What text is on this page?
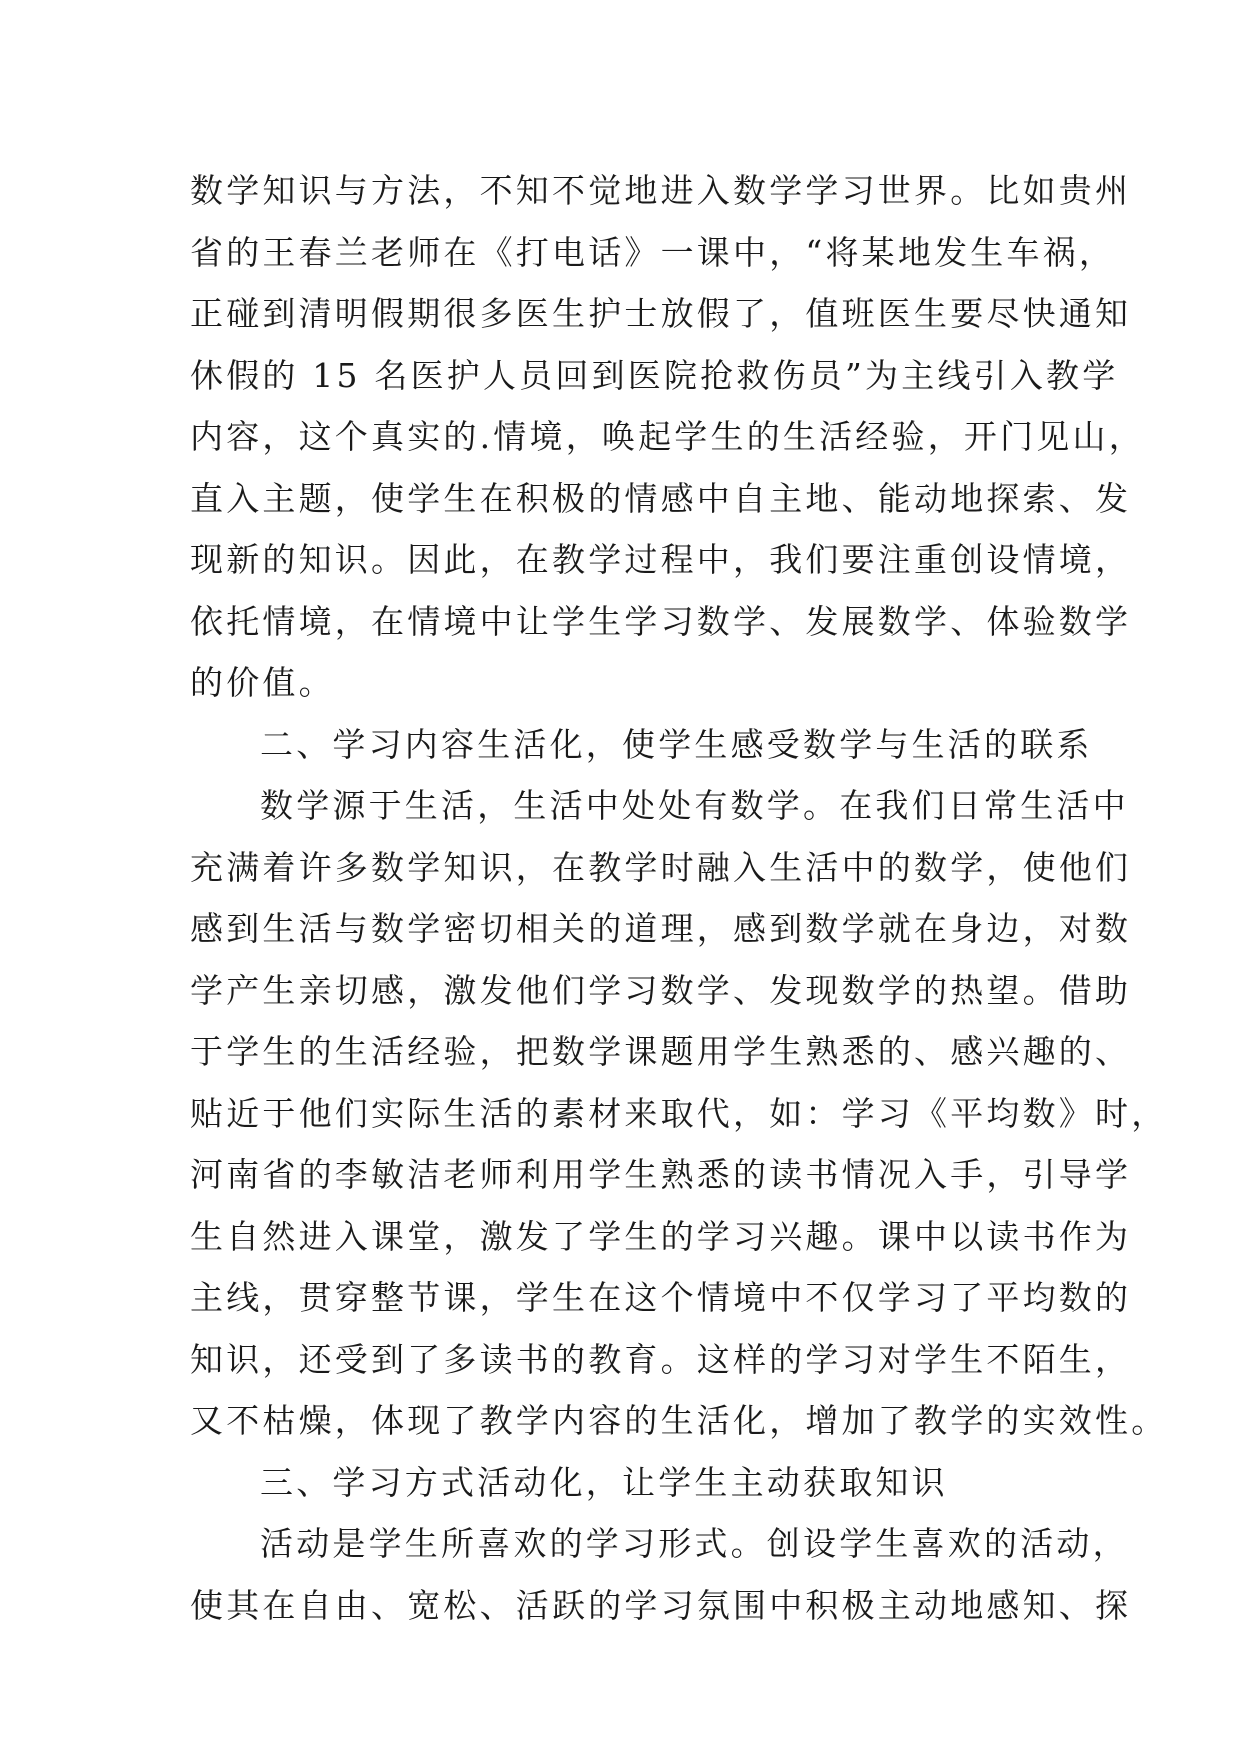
数学知识与方法，不知不觉地进入数学学习世界。比如贵州
省的王春兰老师在《打电话》一课中，“将某地发生车祸，
正碰到清明假期很多医生护士放假了，值班医生要尽快通知
休假的 15 名医护人员回到医院抢救伤员”为主线引入教学
内容，这个真实的.情境，唤起学生的生活经验，开门见山，
直入主题，使学生在积极的情感中自主地、能动地探索、发
现新的知识。因此，在教学过程中，我们要注重创设情境，
依托情境，在情境中让学生学习数学、发展数学、体验数学
的价值。
二、学习内容生活化，使学生感受数学与生活的联系
数学源于生活，生活中处处有数学。在我们日常生活中
充满着许多数学知识，在教学时融入生活中的数学，使他们
感到生活与数学密切相关的道理，感到数学就在身边，对数
学产生亲切感，激发他们学习数学、发现数学的热望。借助
于学生的生活经验，把数学课题用学生熟悉的、感兴趣的、
贴近于他们实际生活的素材来取代，如：学习《平均数》时，
河南省的李敏洁老师利用学生熟悉的读书情况入手，引导学
生自然进入课堂，激发了学生的学习兴趣。课中以读书作为
主线，贯穿整节课，学生在这个情境中不仅学习了平均数的
知识，还受到了多读书的教育。这样的学习对学生不陌生，
又不枯燥，体现了教学内容的生活化，增加了教学的实效性。
三、学习方式活动化，让学生主动获取知识
活动是学生所喜欢的学习形式。创设学生喜欢的活动，
使其在自由、宽松、活跃的学习氛围中积极主动地感知、探
